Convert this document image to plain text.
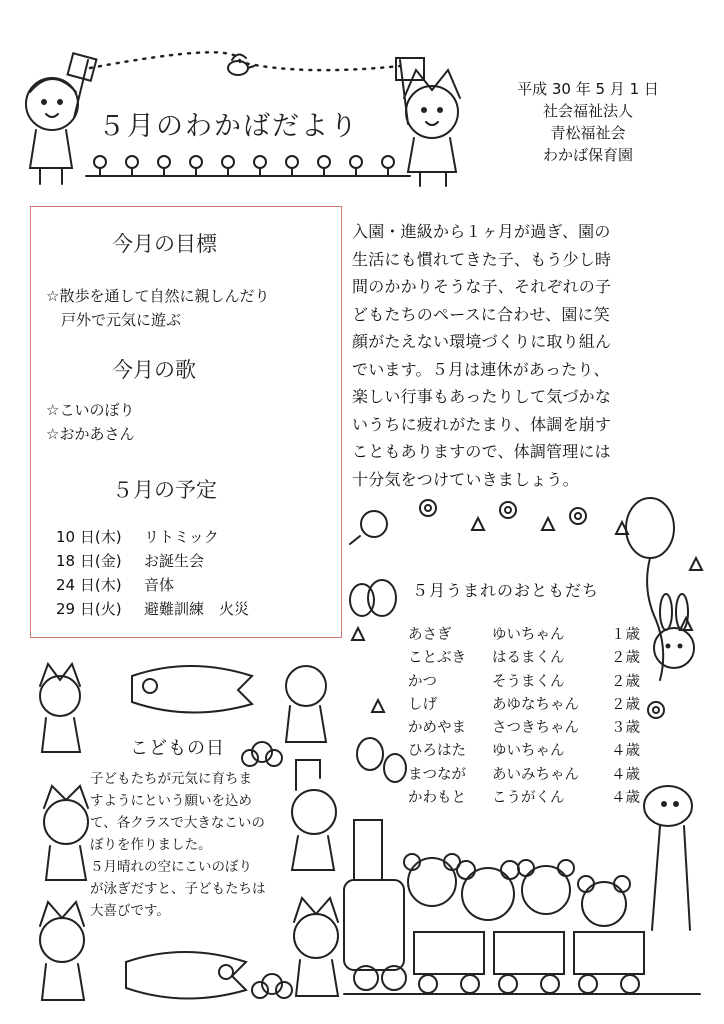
５月のわかばだより
平成 30 年 5 月 1 日
社会福祉法人
青松福祉会
わかば保育園
今月の目標
☆散歩を通して自然に親しんだり
　戸外で元気に遊ぶ
今月の歌
☆こいのぼり
☆おかあさん
５月の予定
10 日(木)	リトミック
18 日(金)	お誕生会
24 日(木)	音体
29 日(火)	避難訓練　火災
入園・進級から１ヶ月が過ぎ、園の
生活にも慣れてきた子、もう少し時
間のかかりそうな子、それぞれの子
どもたちのペースに合わせ、園に笑
顔がたえない環境づくりに取り組ん
でいます。５月は連休があったり、
楽しい行事もあったりして気づかな
いうちに疲れがたまり、体調を崩す
こともありますので、体調管理には
十分気をつけていきましょう。
５月うまれのおともだち
あさぎ	ゆいちゃん	１歳
ことぶき	はるまくん	２歳
かつ	そうまくん	２歳
しげ	あゆなちゃん	２歳
かめやま	さつきちゃん	３歳
ひろはた	ゆいちゃん	４歳
まつなが	あいみちゃん	４歳
かわもと	こうがくん	４歳
こどもの日
子どもたちが元気に育ちま
すようにという願いを込め
て、各クラスで大きなこいの
ぼりを作りました。
５月晴れの空にこいのぼり
が泳ぎだすと、子どもたちは
大喜びです。
